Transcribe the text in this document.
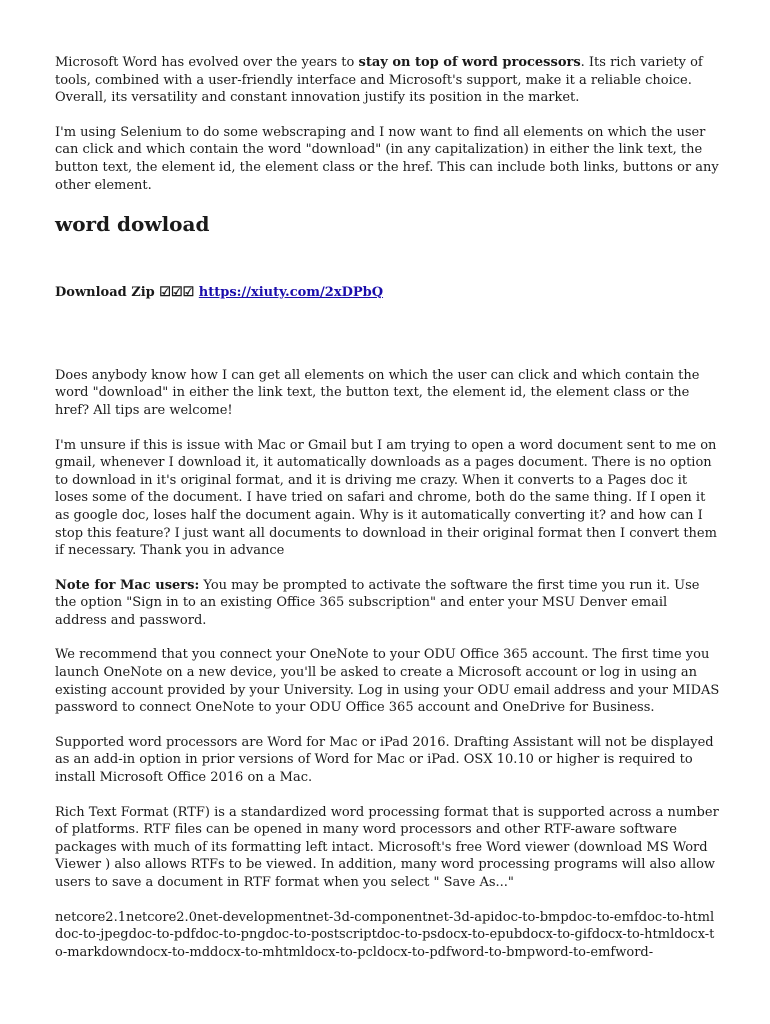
Microsoft Word has evolved over the years to stay on top of word processors. Its rich variety of tools, combined with a user-friendly interface and Microsoft's support, make it a reliable choice. Overall, its versatility and constant innovation justify its position in the market.

I'm using Selenium to do some webscraping and I now want to find all elements on which the user can click and which contain the word "download" (in any capitalization) in either the link text, the button text, the element id, the element class or the href. This can include both links, buttons or any other element.

word dowload
Download Zip ☑☑☑ https://xiuty.com/2xDPbQ

Does anybody know how I can get all elements on which the user can click and which contain the word "download" in either the link text, the button text, the element id, the element class or the href? All tips are welcome!

I'm unsure if this is issue with Mac or Gmail but I am trying to open a word document sent to me on gmail, whenever I download it, it automatically downloads as a pages document. There is no option to download in it's original format, and it is driving me crazy. When it converts to a Pages doc it loses some of the document. I have tried on safari and chrome, both do the same thing. If I open it as google doc, loses half the document again. Why is it automatically converting it? and how can I stop this feature? I just want all documents to download in their original format then I convert them if necessary. Thank you in advance

Note for Mac users: You may be prompted to activate the software the first time you run it. Use the option "Sign in to an existing Office 365 subscription" and enter your MSU Denver email address and password.

We recommend that you connect your OneNote to your ODU Office 365 account. The first time you launch OneNote on a new device, you'll be asked to create a Microsoft account or log in using an existing account provided by your University. Log in using your ODU email address and your MIDAS password to connect OneNote to your ODU Office 365 account and OneDrive for Business.

Supported word processors are Word for Mac or iPad 2016. Drafting Assistant will not be displayed as an add-in option in prior versions of Word for Mac or iPad. OSX 10.10 or higher is required to install Microsoft Office 2016 on a Mac.

Rich Text Format (RTF) is a standardized word processing format that is supported across a number of platforms. RTF files can be opened in many word processors and other RTF-aware software packages with much of its formatting left intact. Microsoft's free Word viewer (download MS Word Viewer ) also allows RTFs to be viewed. In addition, many word processing programs will also allow users to save a document in RTF format when you select " Save As..."

netcore2.1netcore2.0net-developmentnet-3d-componentnet-3d-apidoc-to-bmpdoc-to-emfdoc-to-htmldoc-to-jpegdoc-to-pdfdoc-to-pngdoc-to-postscriptdoc-to-psdocx-to-epubdocx-to-gifdocx-to-htmldocx-to-markdowndocx-to-mddocx-to-mhtmldocx-to-pcldocx-to-pdfword-to-bmpword-to-emfword-
